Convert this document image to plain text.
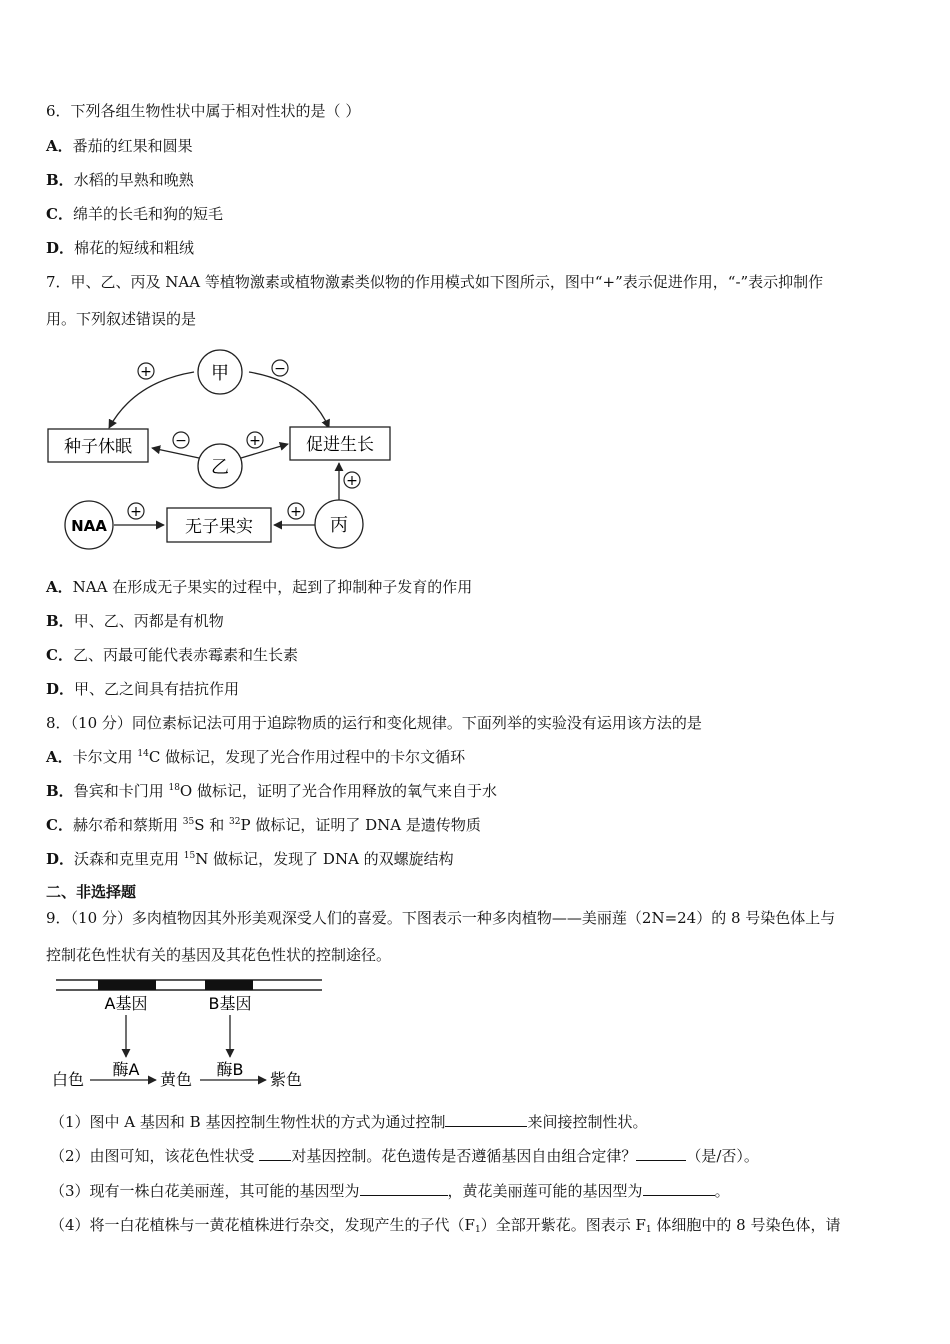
6．下列各组生物性状中属于相对性状的是（ ）
A．番茄的红果和圆果
B．水稻的早熟和晚熟
C．绵羊的长毛和狗的短毛
D．棉花的短绒和粗绒
7．甲、乙、丙及 NAA 等植物激素或植物激素类似物的作用模式如下图所示，图中“+”表示促进作用，“-”表示抑制作
用。下列叙述错误的是
甲
+	−
种子休眠	促进生长
乙
−	+
NAA
+
无子果实
+
丙
+
A．NAA 在形成无子果实的过程中，起到了抑制种子发育的作用
B．甲、乙、丙都是有机物
C．乙、丙最可能代表赤霉素和生长素
D．甲、乙之间具有拮抗作用
8．（10 分）同位素标记法可用于追踪物质的运行和变化规律。下面列举的实验没有运用该方法的是
A．卡尔文用 $^{14}$C 做标记，发现了光合作用过程中的卡尔文循环
B．鲁宾和卡门用 $^{18}$O 做标记，证明了光合作用释放的氧气来自于水
C．赫尔希和蔡斯用 $^{35}$S 和 $^{32}$P 做标记，证明了 DNA 是遗传物质
D．沃森和克里克用 $^{15}$N 做标记，发现了 DNA 的双螺旋结构
二、非选择题
9．（10 分）多肉植物因其外形美观深受人们的喜爱。下图表示一种多肉植物——美丽莲（2N=24）的 8 号染色体上与
控制花色性状有关的基因及其花色性状的控制途径。
A基因	B基因
酶A	酶B
白色	黄色	紫色
（1）图中 A 基因和 B 基因控制生物性状的方式为通过控制	来间接控制性状。
（2）由图可知，该花色性状受 对基因控制。花色遗传是否遵循基因自由组合定律？	（是/否）。
（3）现有一株白花美丽莲，其可能的基因型为	，黄花美丽莲可能的基因型为	。
（4）将一白花植株与一黄花植株进行杂交，发现产生的子代$(F_1)$全部开紫花。图表示 $F_1$ 体细胞中的 8 号染色体，请
